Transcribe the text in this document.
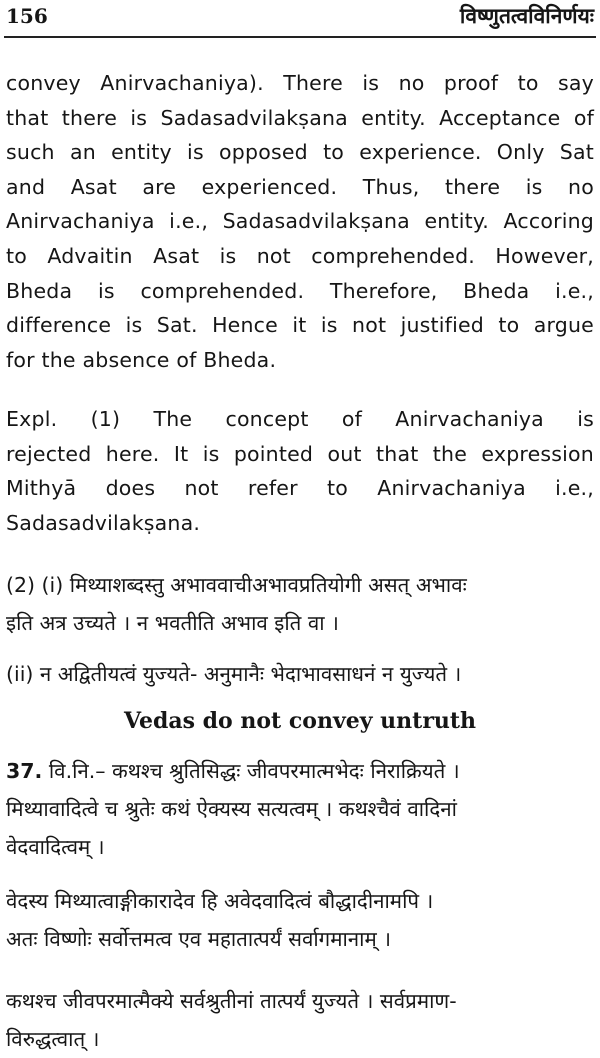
156	विष्णुतत्वविनिर्णयः
convey Anirvachaniya). There is no proof to say
that there is Sadasadvilakṣana entity. Acceptance of
such an entity is opposed to experience. Only Sat
and Asat are experienced. Thus, there is no
Anirvachaniya i.e., Sadasadvilakṣana entity. Accoring
to Advaitin Asat is not comprehended. However,
Bheda is comprehended. Therefore, Bheda i.e.,
difference is Sat. Hence it is not justified to argue
for the absence of Bheda.
Expl. (1) The concept of Anirvachaniya is
rejected here. It is pointed out that the expression
Mithyā does not refer to Anirvachaniya i.e.,
Sadasadvilakṣana.
(2) (i) मिथ्याशब्दस्तु अभाववाचीअभावप्रतियोगी असत् अभावः
इति अत्र उच्यते । न भवतीति अभाव इति वा ।
(ii) न अद्वितीयत्वं युज्यते- अनुमानैः भेदाभावसाधनं न युज्यते ।
Vedas do not convey untruth
37. वि.नि.– कथश्च श्रुतिसिद्धः जीवपरमात्मभेदः निराक्रियते ।
मिथ्यावादित्वे च श्रुतेः कथं ऐक्यस्य सत्यत्वम् । कथश्चैवं वादिनां
वेदवादित्वम् ।
वेदस्य मिथ्यात्वाङ्गीकारादेव हि अवेदवादित्वं बौद्धादीनामपि ।
अतः विष्णोः सर्वोत्तमत्व एव महातात्पर्यं सर्वागमानाम् ।
कथश्च जीवपरमात्मैक्ये सर्वश्रुतीनां तात्पर्यं युज्यते । सर्वप्रमाण-
विरुद्धत्वात् ।
